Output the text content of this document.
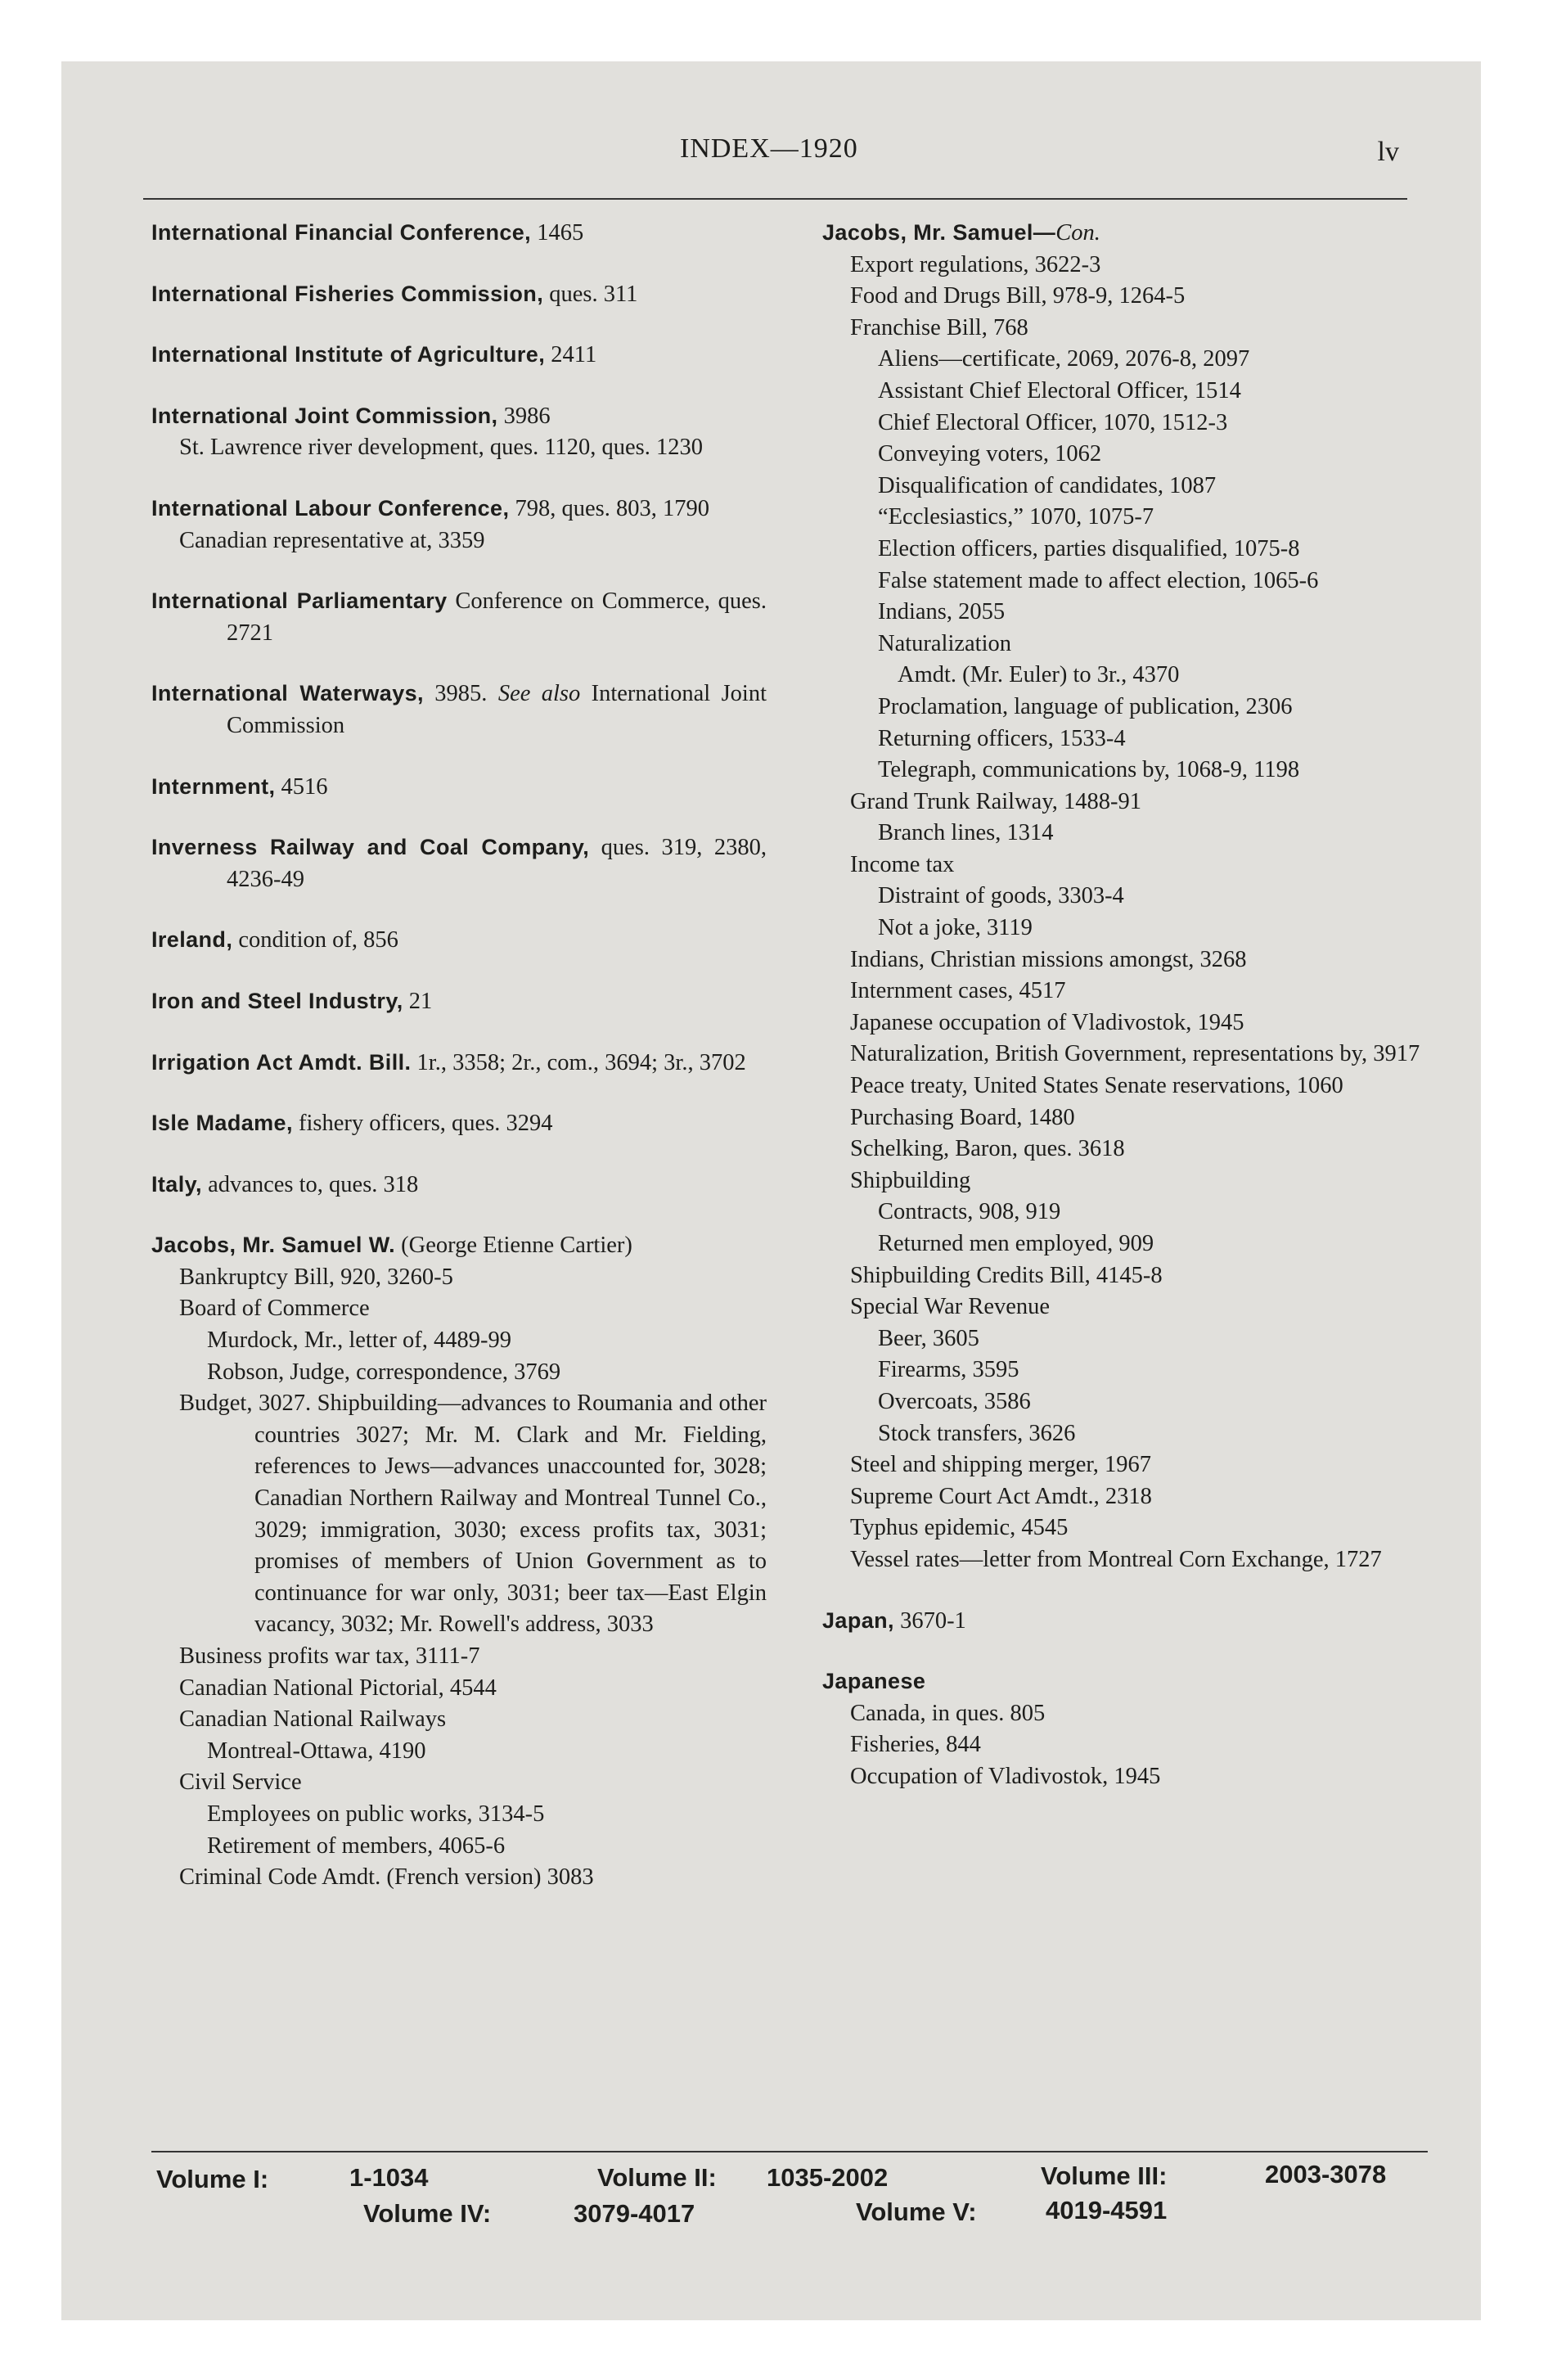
INDEX—1920	lv
International Financial Conference, 1465
International Fisheries Commission, ques. 311
International Institute of Agriculture, 2411
International Joint Commission, 3986
St. Lawrence river development, ques. 1120, ques. 1230
International Labour Conference, 798, ques. 803, 1790
Canadian representative at, 3359
International Parliamentary Conference on Commerce, ques. 2721
International Waterways, 3985. See also International Joint Commission
Internment, 4516
Inverness Railway and Coal Company, ques. 319, 2380, 4236-49
Ireland, condition of, 856
Iron and Steel Industry, 21
Irrigation Act Amdt. Bill. 1r., 3358; 2r., com., 3694; 3r., 3702
Isle Madame, fishery officers, ques. 3294
Italy, advances to, ques. 318
Jacobs, Mr. Samuel W. (George Etienne Cartier)
Bankruptcy Bill, 920, 3260-5
Board of Commerce
Murdock, Mr., letter of, 4489-99
Robson, Judge, correspondence, 3769
Budget, 3027. Shipbuilding—advances to Roumania and other countries 3027; Mr. M. Clark and Mr. Fielding, references to Jews—advances unaccounted for, 3028; Canadian Northern Railway and Montreal Tunnel Co., 3029; immigration, 3030; excess profits tax, 3031; promises of members of Union Government as to continuance for war only, 3031; beer tax—East Elgin vacancy, 3032; Mr. Rowell's address, 3033
Business profits war tax, 3111-7
Canadian National Pictorial, 4544
Canadian National Railways
Montreal-Ottawa, 4190
Civil Service
Employees on public works, 3134-5
Retirement of members, 4065-6
Criminal Code Amdt. (French version) 3083
Jacobs, Mr. Samuel—Con.
Export regulations, 3622-3
Food and Drugs Bill, 978-9, 1264-5
Franchise Bill, 768
Aliens—certificate, 2069, 2076-8, 2097
Assistant Chief Electoral Officer, 1514
Chief Electoral Officer, 1070, 1512-3
Conveying voters, 1062
Disqualification of candidates, 1087
“Ecclesiastics,” 1070, 1075-7
Election officers, parties disqualified, 1075-8
False statement made to affect election, 1065-6
Indians, 2055
Naturalization
Amdt. (Mr. Euler) to 3r., 4370
Proclamation, language of publication, 2306
Returning officers, 1533-4
Telegraph, communications by, 1068-9, 1198
Grand Trunk Railway, 1488-91
Branch lines, 1314
Income tax
Distraint of goods, 3303-4
Not a joke, 3119
Indians, Christian missions amongst, 3268
Internment cases, 4517
Japanese occupation of Vladivostok, 1945
Naturalization, British Government, representations by, 3917
Peace treaty, United States Senate reservations, 1060
Purchasing Board, 1480
Schelking, Baron, ques. 3618
Shipbuilding
Contracts, 908, 919
Returned men employed, 909
Shipbuilding Credits Bill, 4145-8
Special War Revenue
Beer, 3605
Firearms, 3595
Overcoats, 3586
Stock transfers, 3626
Steel and shipping merger, 1967
Supreme Court Act Amdt., 2318
Typhus epidemic, 4545
Vessel rates—letter from Montreal Corn Exchange, 1727
Japan, 3670-1
Japanese
Canada, in ques. 805
Fisheries, 844
Occupation of Vladivostok, 1945
Volume I:	1-1034	Volume II: 1035-2002	Volume III:	2003-3078
Volume IV:	3079-4017	Volume V:	4019-4591
